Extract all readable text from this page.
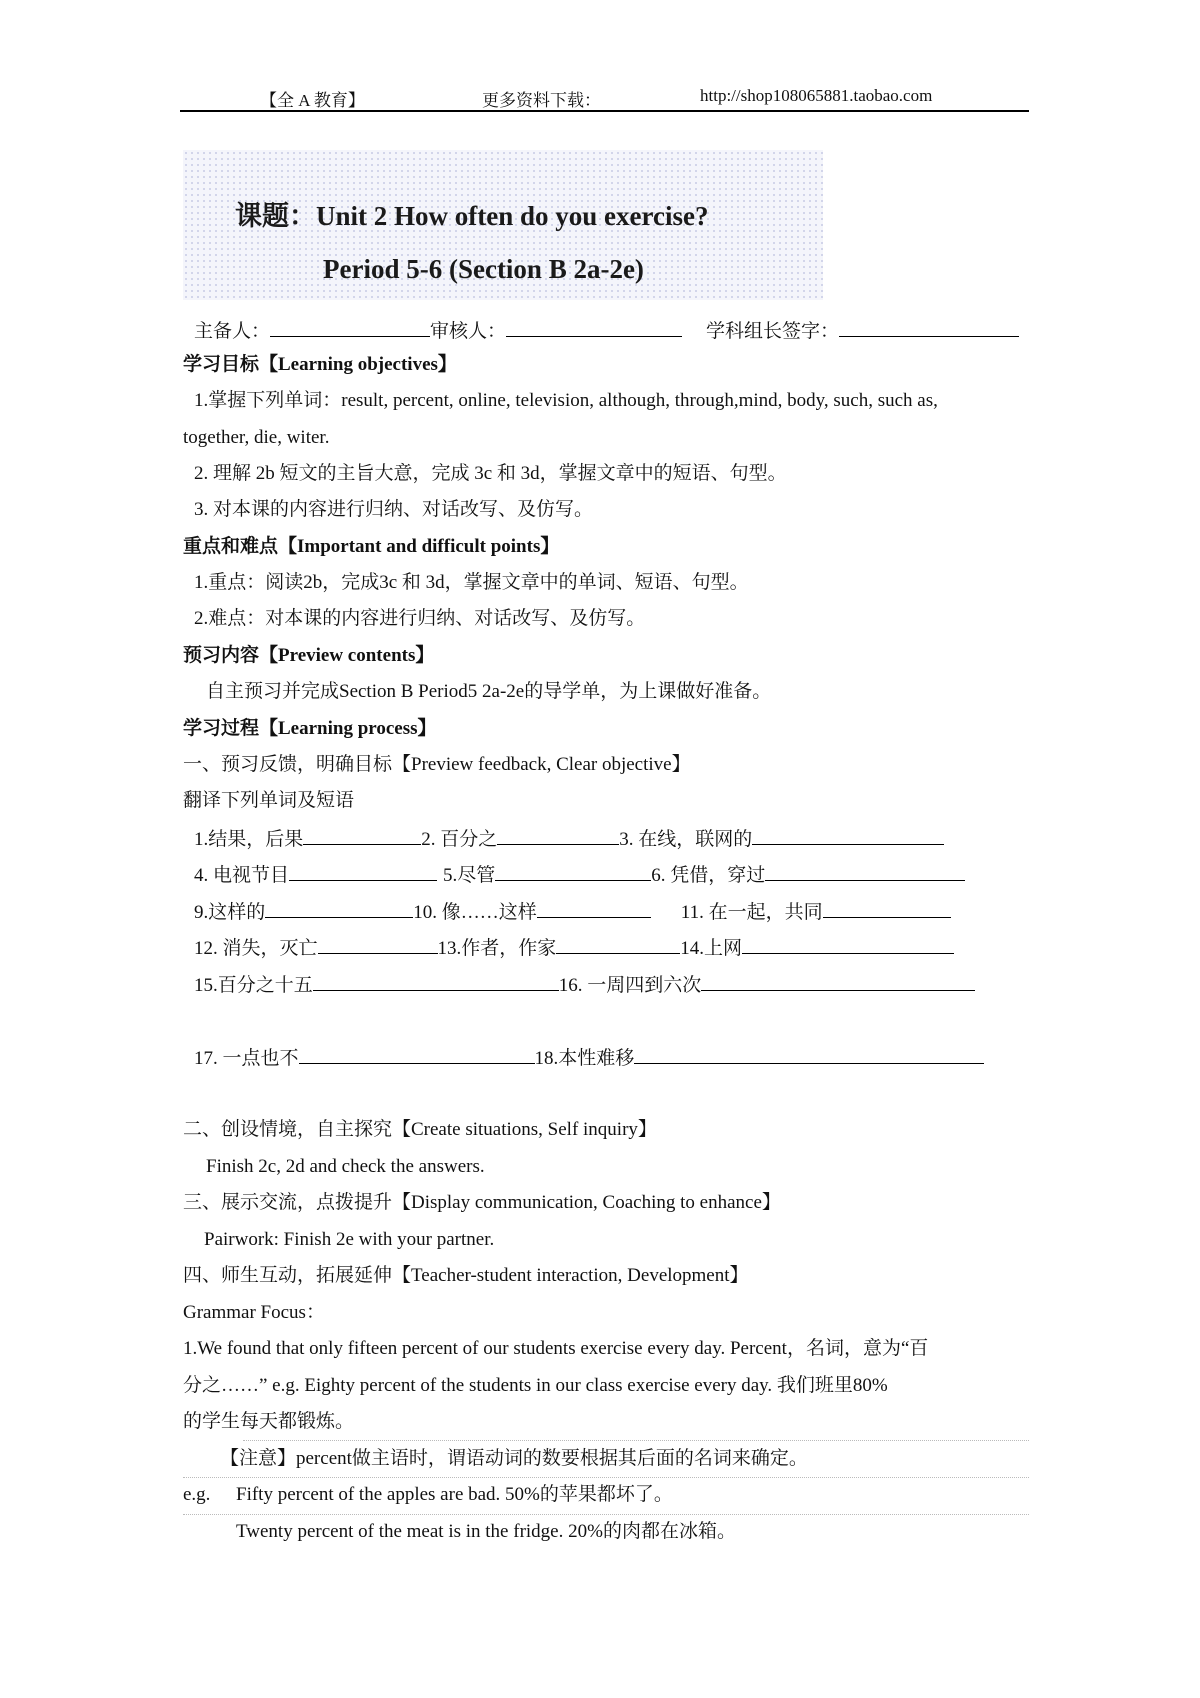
【全 A 教育】	更多资料下载：	http://shop108065881.taobao.com
课题：Unit 2 How often do you exercise?
Period 5-6 (Section B 2a-2e)
主备人：	审核人：	学科组长签字：
学习目标【Learning objectives】
1.掌握下列单词：result, percent, online, television, although, through,mind, body, such, such as,
together, die, witer.
2. 理解 2b 短文的主旨大意，完成 3c 和 3d，掌握文章中的短语、句型。
3. 对本课的内容进行归纳、对话改写、及仿写。
重点和难点【Important and difficult points】
1.重点：阅读2b，完成3c 和 3d，掌握文章中的单词、短语、句型。
2.难点：对本课的内容进行归纳、对话改写、及仿写。
预习内容【Preview contents】
自主预习并完成Section B Period5 2a-2e的导学单，为上课做好准备。
学习过程【Learning process】
一、预习反馈，明确目标【Preview feedback, Clear objective】
翻译下列单词及短语
1.结果，后果	2. 百分之	3. 在线，联网的
4. 电视节目	5.尽管	6. 凭借，穿过
9.这样的	10. 像……这样	11. 在一起，共同
12. 消失，灭亡	13.作者，作家	14.上网
15.百分之十五	16. 一周四到六次
17. 一点也不	18.本性难移
二、创设情境，自主探究【Create situations, Self inquiry】
Finish 2c, 2d and check the answers.
三、展示交流，点拨提升【Display communication, Coaching to enhance】
Pairwork: Finish 2e with your partner.
四、师生互动，拓展延伸【Teacher-student interaction, Development】
Grammar Focus：
1.We found that only fifteen percent of our students exercise every day. Percent，名词，意为“百
分之……” e.g. Eighty percent of the students in our class exercise every day. 我们班里80%
的学生每天都锻炼。
【注意】percent做主语时，谓语动词的数要根据其后面的名词来确定。
e.g. Fifty percent of the apples are bad. 50%的苹果都坏了。
Twenty percent of the meat is in the fridge. 20%的肉都在冰箱。
